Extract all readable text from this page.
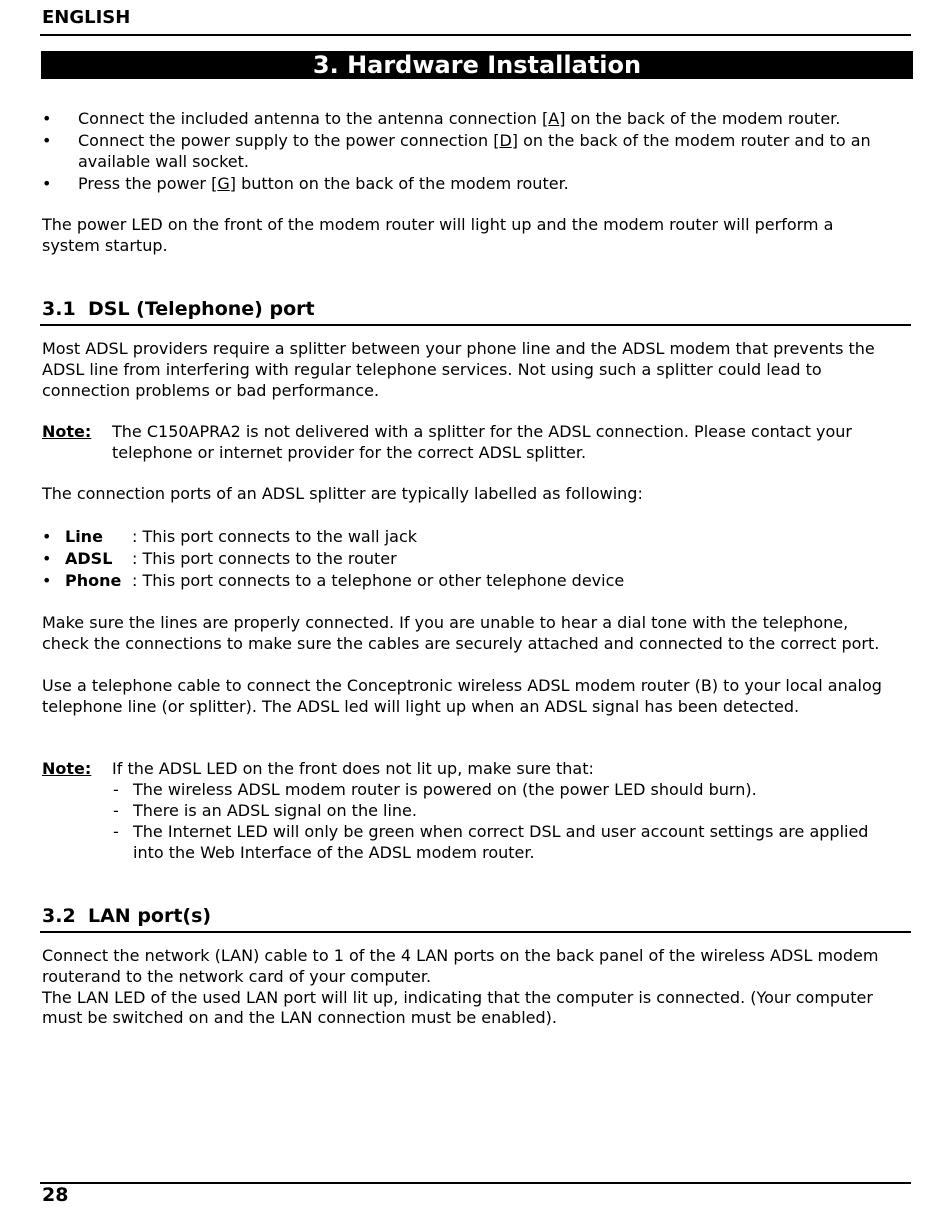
ENGLISH
3. Hardware Installation
• Connect the included antenna to the antenna connection [A] on the back of the modem router.
• Connect the power supply to the power connection [D] on the back of the modem router and to an
available wall socket.
• Press the power [G] button on the back of the modem router.
The power LED on the front of the modem router will light up and the modem router will perform a
system startup.
3.1 DSL (Telephone) port
Most ADSL providers require a splitter between your phone line and the ADSL modem that prevents the
ADSL line from interfering with regular telephone services. Not using such a splitter could lead to
connection problems or bad performance.
Note: The C150APRA2 is not delivered with a splitter for the ADSL connection. Please contact your
telephone or internet provider for the correct ADSL splitter.
The connection ports of an ADSL splitter are typically labelled as following:
• Line : This port connects to the wall jack
• ADSL : This port connects to the router
• Phone : This port connects to a telephone or other telephone device
Make sure the lines are properly connected. If you are unable to hear a dial tone with the telephone,
check the connections to make sure the cables are securely attached and connected to the correct port.
Use a telephone cable to connect the Conceptronic wireless ADSL modem router (B) to your local analog
telephone line (or splitter). The ADSL led will light up when an ADSL signal has been detected.
Note: If the ADSL LED on the front does not lit up, make sure that:
- The wireless ADSL modem router is powered on (the power LED should burn).
- There is an ADSL signal on the line.
- The Internet LED will only be green when correct DSL and user account settings are applied
into the Web Interface of the ADSL modem router.
3.2 LAN port(s)
Connect the network (LAN) cable to 1 of the 4 LAN ports on the back panel of the wireless ADSL modem
routerand to the network card of your computer.
The LAN LED of the used LAN port will lit up, indicating that the computer is connected. (Your computer
must be switched on and the LAN connection must be enabled).
28
